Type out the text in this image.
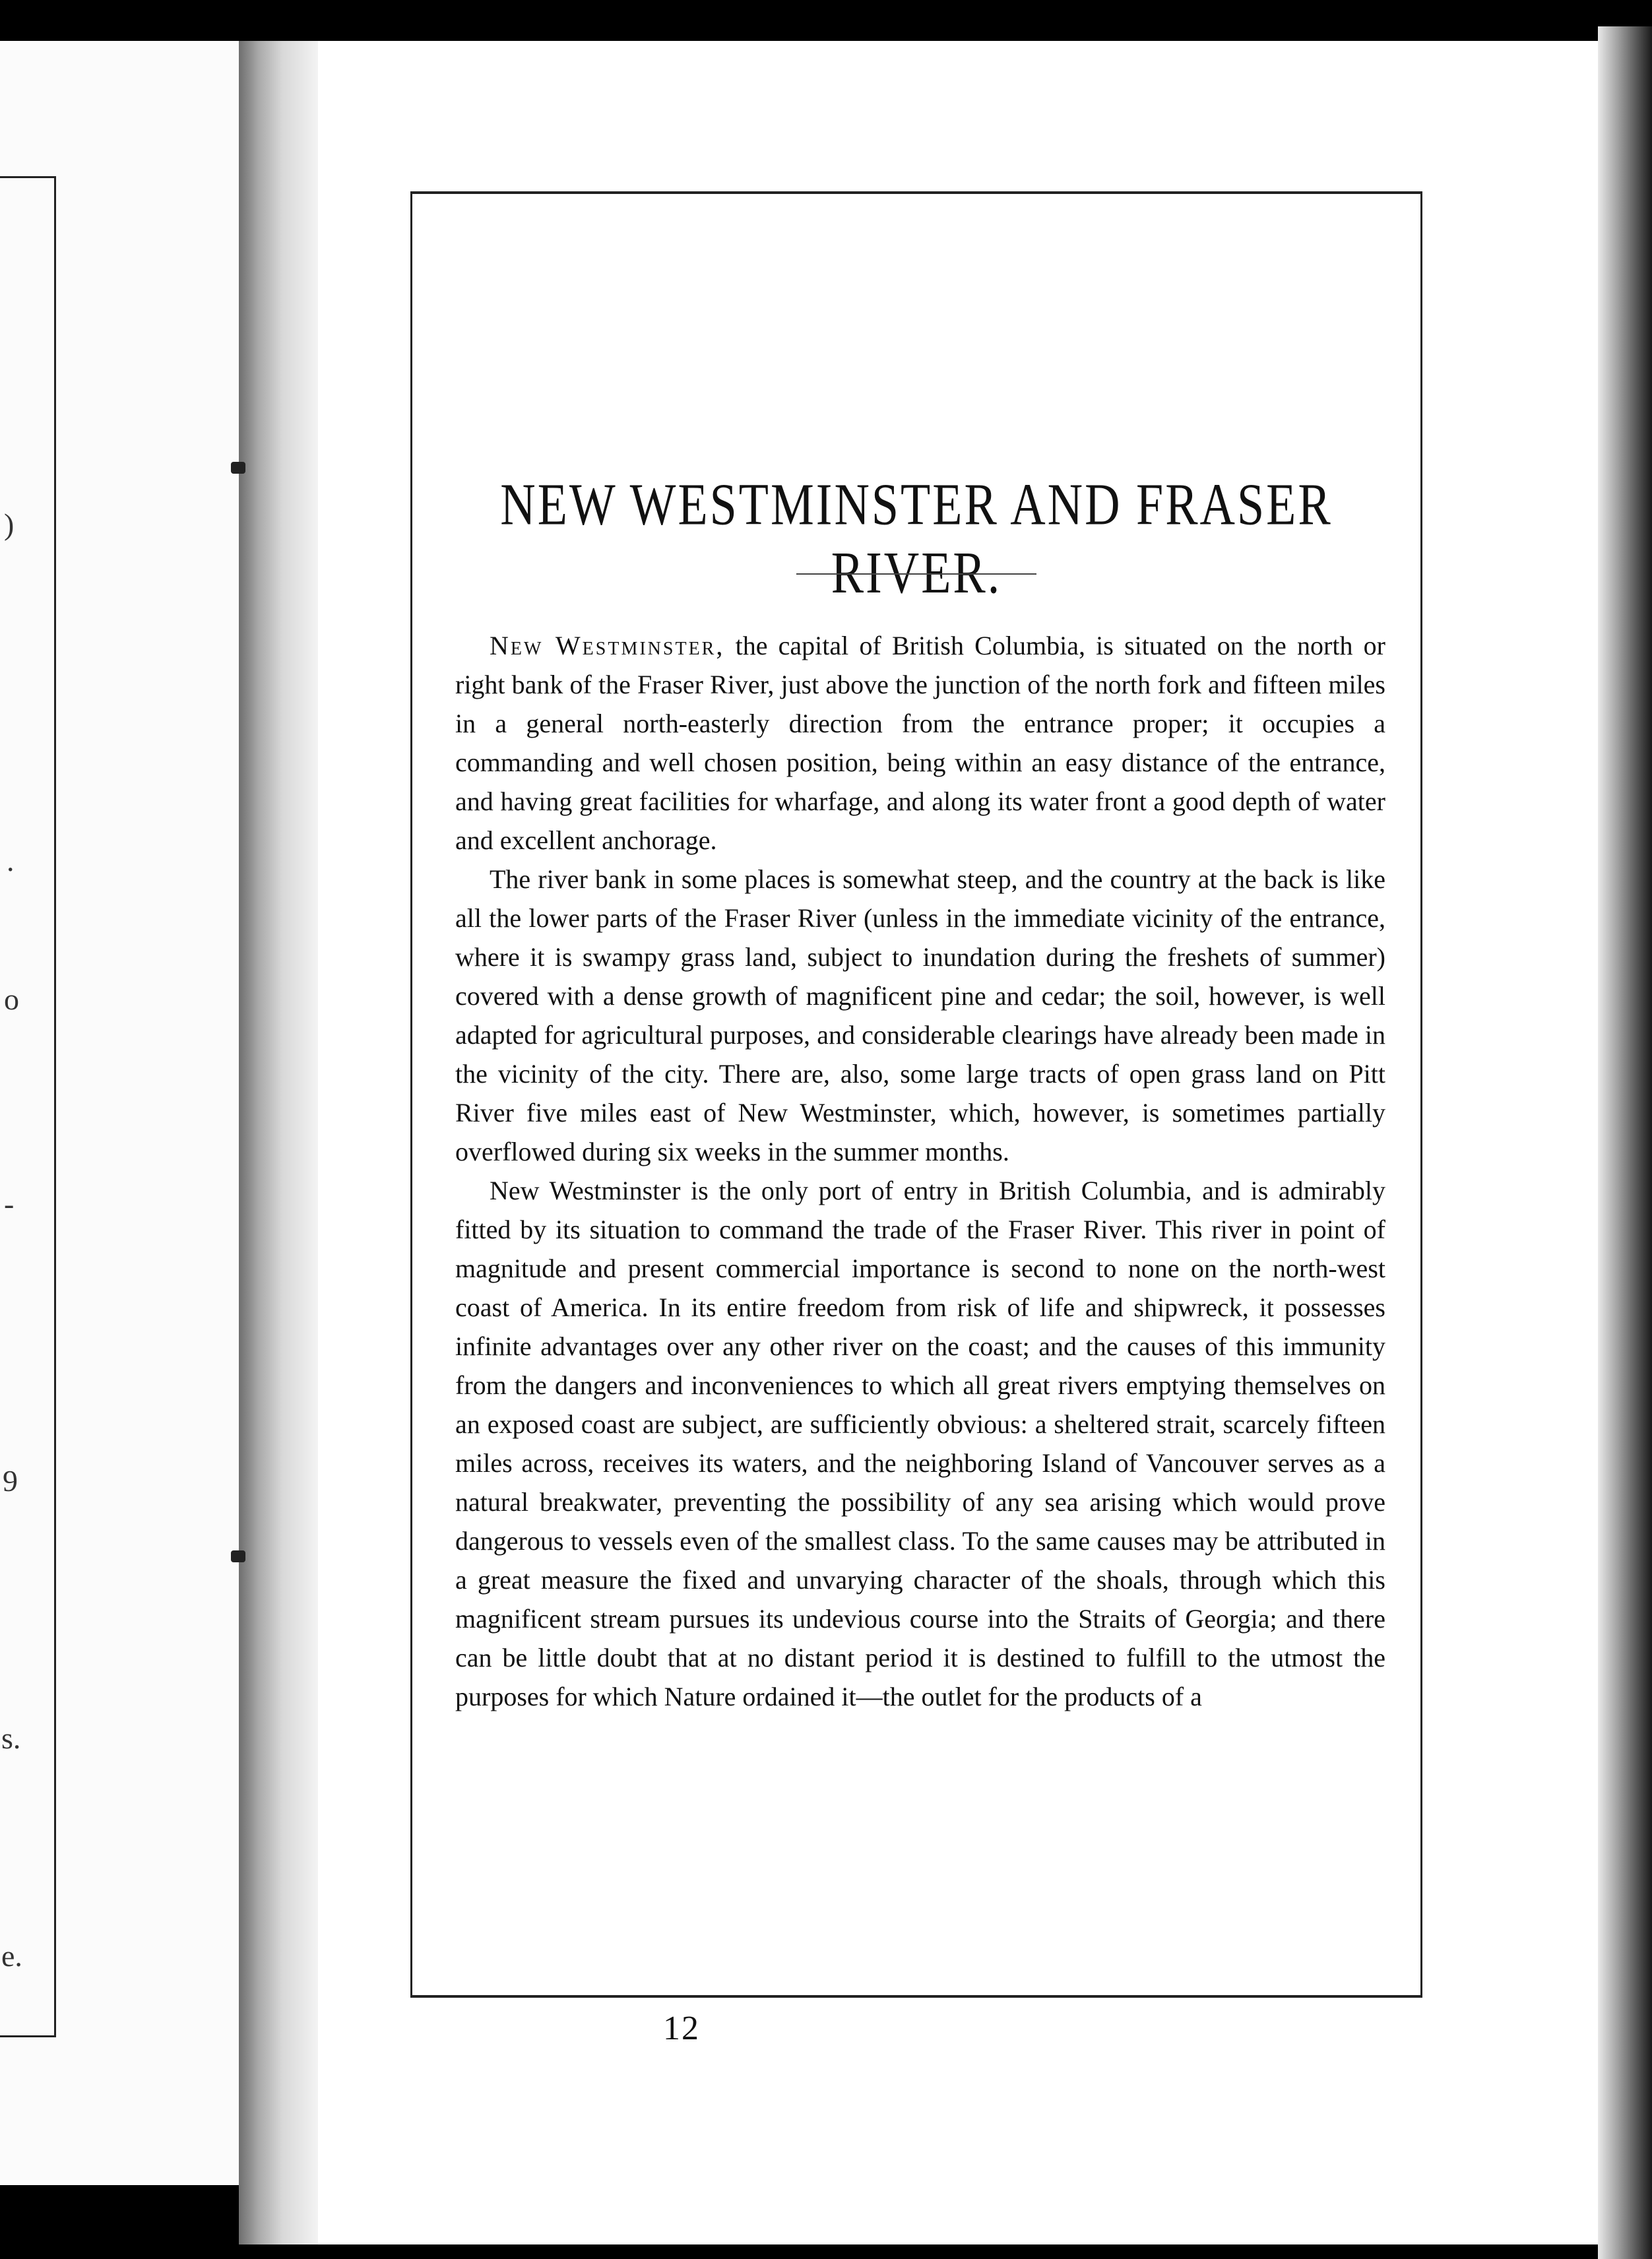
)
.
o
-
9
s.
e.
NEW WESTMINSTER AND FRASER RIVER.

New Westminster, the capital of British Columbia, is situated on the north or right bank of the Fraser River, just above the junction of the north fork and fifteen miles in a general north-easterly direction from the entrance proper; it occupies a commanding and well chosen position, being within an easy distance of the entrance, and having great facilities for wharfage, and along its water front a good depth of water and excellent anchorage.

The river bank in some places is somewhat steep, and the country at the back is like all the lower parts of the Fraser River (unless in the immediate vicinity of the entrance, where it is swampy grass land, subject to inundation during the freshets of summer) covered with a dense growth of magnificent pine and cedar; the soil, however, is well adapted for agricultural purposes, and considerable clearings have already been made in the vicinity of the city. There are, also, some large tracts of open grass land on Pitt River five miles east of New Westminster, which, however, is sometimes partially overflowed during six weeks in the summer months.

New Westminster is the only port of entry in British Columbia, and is admirably fitted by its situation to command the trade of the Fraser River. This river in point of magnitude and present commercial importance is second to none on the north-west coast of America. In its entire freedom from risk of life and shipwreck, it possesses infinite advantages over any other river on the coast; and the causes of this immunity from the dangers and inconveniences to which all great rivers emptying themselves on an exposed coast are subject, are sufficiently obvious: a sheltered strait, scarcely fifteen miles across, receives its waters, and the neighboring Island of Vancouver serves as a natural breakwater, preventing the possibility of any sea arising which would prove dangerous to vessels even of the smallest class. To the same causes may be attributed in a great measure the fixed and unvarying character of the shoals, through which this magnificent stream pursues its undevious course into the Straits of Georgia; and there can be little doubt that at no distant period it is destined to fulfill to the utmost the purposes for which Nature ordained it—the outlet for the products of a

12
